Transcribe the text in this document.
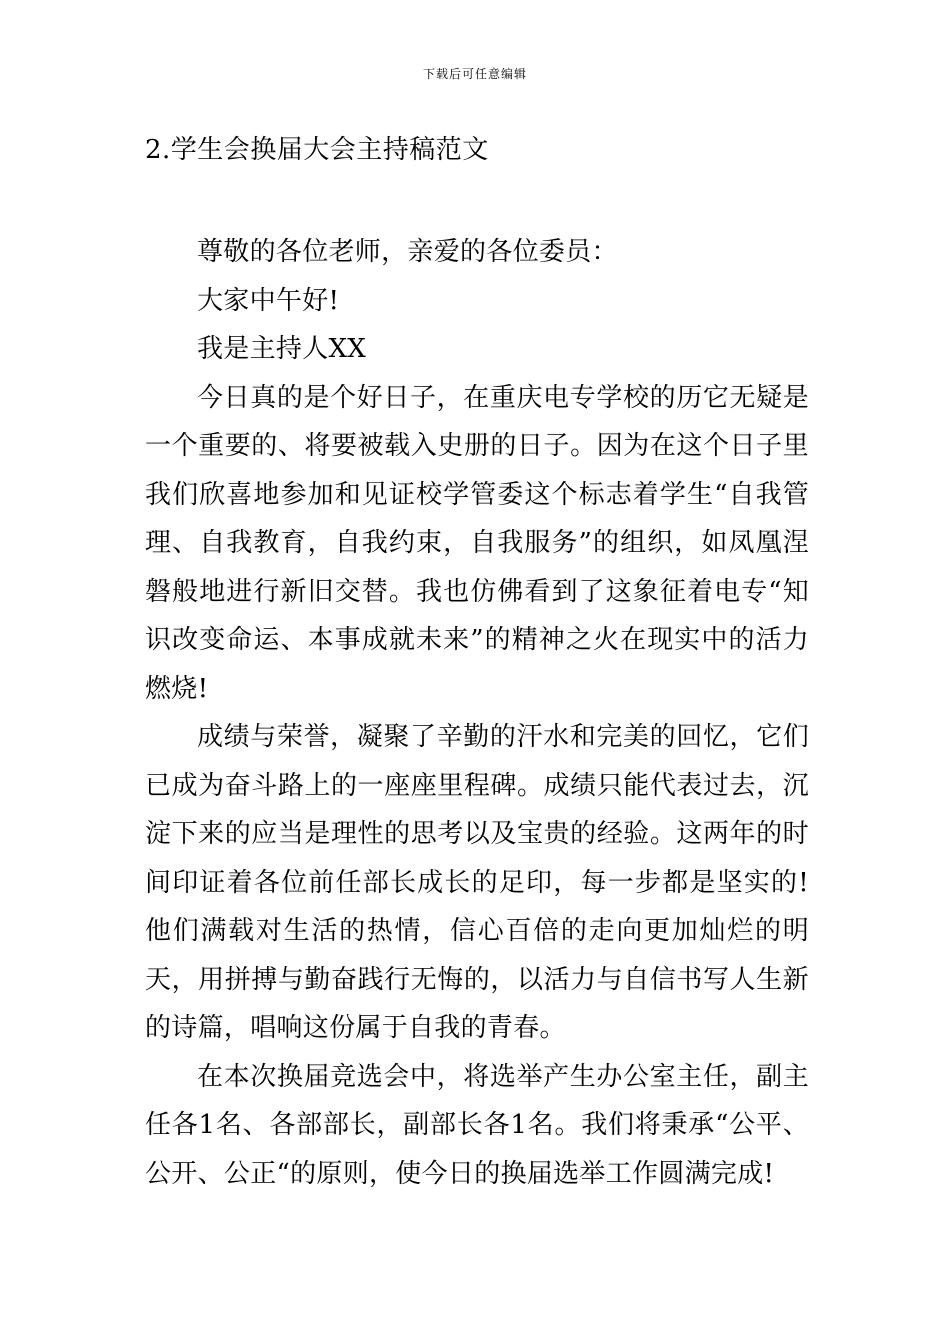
下载后可任意编辑
2.学生会换届大会主持稿范文

尊敬的各位老师，亲爱的各位委员：

大家中午好!

我是主持人XX

今日真的是个好日子，在重庆电专学校的历它无疑是一个重要的、将要被载入史册的日子。因为在这个日子里我们欣喜地参加和见证校学管委这个标志着学生“自我管理、自我教育，自我约束，自我服务”的组织，如凤凰涅磐般地进行新旧交替。我也仿佛看到了这象征着电专“知识改变命运、本事成就未来”的精神之火在现实中的活力燃烧!

成绩与荣誉，凝聚了辛勤的汗水和完美的回忆，它们已成为奋斗路上的一座座里程碑。成绩只能代表过去，沉淀下来的应当是理性的思考以及宝贵的经验。这两年的时间印证着各位前任部长成长的足印，每一步都是坚实的!他们满载对生活的热情，信心百倍的走向更加灿烂的明天，用拼搏与勤奋践行无悔的，以活力与自信书写人生新的诗篇，唱响这份属于自我的青春。

在本次换届竞选会中，将选举产生办公室主任，副主任各1名、各部部长，副部长各1名。我们将秉承“公平、公开、公正“的原则，使今日的换届选举工作圆满完成!
